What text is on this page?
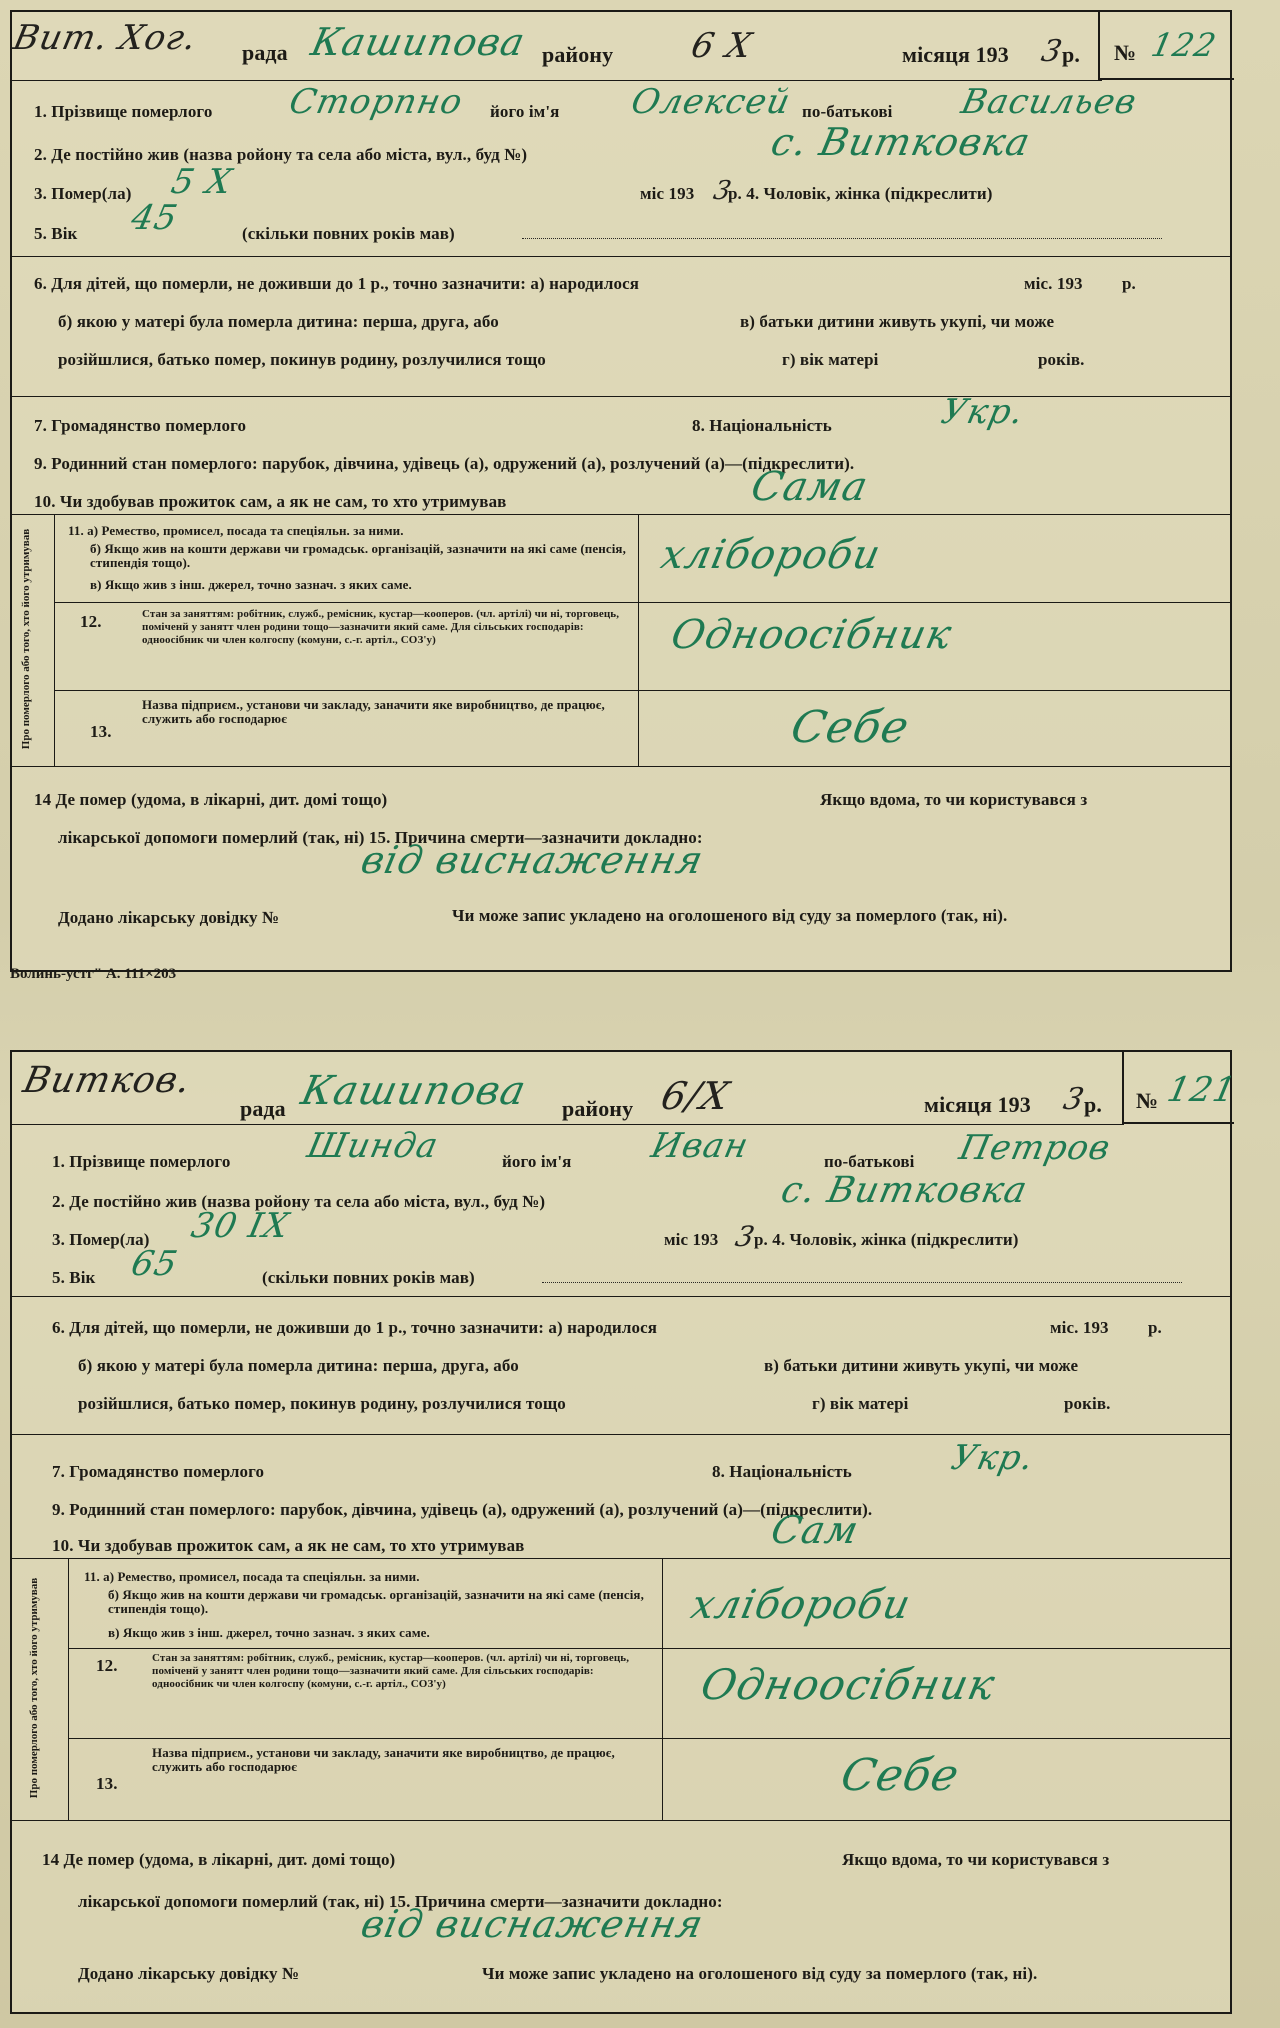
Вит. Хог. рада Кашипова району 6 X	місяця 193 3
р. № 122
1. Прізвище померлого Сторпно його ім'я Олексей по-батькові Васильев
2. Де постійно жив (назва ройону та села або міста, вул., буд №)	с. Витковка
3. Помер(ла) 5 X	міс 193 3
р. 4. Чоловік, жінка (підкреслити)
5. Вік 45	(скільки повних років мав)
6. Для дітей, що померли, не доживши до 1 р., точно зазначити: а) народилося	міс. 193 р.
б) якою у матері була померла дитина: перша, друга, або	в) батьки дитини живуть укупі, чи може
розійшлися, батько помер, покинув родину, розлучилися тощо	г) вік матері	років.
7. Громадянство померлого	8. Національність	Укр.
9. Родинний стан померлого: парубок, дівчина, удівець (а), одружений (а), розлучений (а)—(підкреслити).
10. Чи здобував прожиток сам, а як не сам, то хто утримував	Сама
Про померлого або того, хто його утримував	11. а) Ремество, промисел, посада та спеціяльн. за ними.
б) Якщо жив на кошти держави чи громадськ. організацій, зазначити на які саме (пенсія, стипендія тощо).
в) Якщо жив з інш. джерел, точно зазнач. з яких саме.
хлібороби
12.	Стан за заняттям: робітник, служб., ремісник, кустар—кооперов. (чл. артілі) чи ні, торговець, поміченй у занятт член родини тощо—зазначити який саме. Для сільських господарів: одноосібник чи член колгоспу (комуни, с.-г. артіл., СОЗ'у)	Одноосібник
13.
Назва підприєм., установи чи закладу, заначити яке виробництво, де працює, служить або господарює	Себе
14 Де помер (удома, в лікарні, дит. домі тощо)	Якщо вдома, то чи користувався з
лікарської допомоги померлий (так, ні) 15. Причина смерти—зазначити докладно:
від виснаження
Додано лікарську довідку №	Чи може запис укладено на оголошеного від суду за померлого (так, ні).
Волинь-устг" А. 111×203
Витков.
рада Кашипова району 6/X	місяця 193 3
р. № 121
1. Прізвище померлого Шинда	його ім'я Иван	по-батькові Петров
2. Де постійно жив (назва ройону та села або міста, вул., буд №)	с. Витковка
3. Помер(ла) 30 IX	міс 193 3
р. 4. Чоловік, жінка (підкреслити)
5. Вік 65	(скільки повних років мав)
6. Для дітей, що померли, не доживши до 1 р., точно зазначити: а) народилося	міс. 193 р.
б) якою у матері була померла дитина: перша, друга, або	в) батьки дитини живуть укупі, чи може
розійшлися, батько помер, покинув родину, розлучилися тощо	г) вік матері	років.
7. Громадянство померлого	8. Національність	Укр.
9. Родинний стан померлого: парубок, дівчина, удівець (а), одружений (а), розлучений (а)—(підкреслити).
10. Чи здобував прожиток сам, а як не сам, то хто утримував	Сам
Про померлого або того, хто його утримував
11. а) Ремество, промисел, посада та спеціяльн. за ними.
б) Якщо жив на кошти держави чи громадськ. організацій, зазначити на які саме (пенсія, стипендія тощо).
в) Якщо жив з інш. джерел, точно зазнач. з яких саме.
хлібороби
12.	Стан за заняттям: робітник, служб., ремісник, кустар—кооперов. (чл. артілі) чи ні, торговець, поміченй у занятт член родини тощо—зазначити який саме. Для сільських господарів: одноосібник чи член колгоспу (комуни, с.-г. артіл., СОЗ'у)	Одноосібник
13.
Назва підприєм., установи чи закладу, заначити яке виробництво, де працює, служить або господарює	Себе
14 Де помер (удома, в лікарні, дит. домі тощо)	Якщо вдома, то чи користувався з
лікарської допомоги померлий (так, ні) 15. Причина смерти—зазначити докладно:
від виснаження
Додано лікарську довідку №	Чи може запис укладено на оголошеного від суду за померлого (так, ні).
